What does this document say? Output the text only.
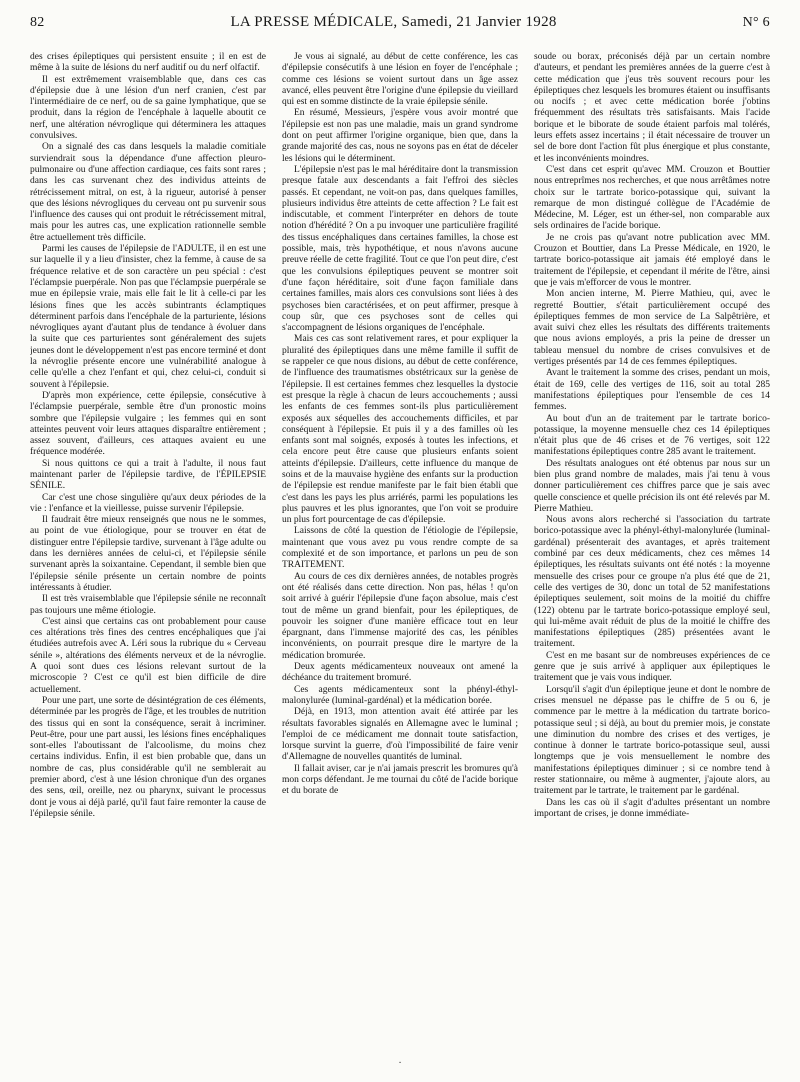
82	LA PRESSE MÉDICALE, Samedi, 21 Janvier 1928	N° 6

des crises épileptiques qui persistent ensuite ; il en est de même à la suite de lésions du nerf auditif ou du nerf olfactif.

Il est extrêmement vraisemblable que, dans ces cas d'épilepsie due à une lésion d'un nerf cranien, c'est par l'intermédiaire de ce nerf, ou de sa gaine lymphatique, que se produit, dans la région de l'encéphale à laquelle aboutit ce nerf, une altération névroglique qui déterminera les attaques convulsives.

On a signalé des cas dans lesquels la maladie comitiale surviendrait sous la dépendance d'une affection pleuro-pulmonaire ou d'une affection cardiaque, ces faits sont rares ; dans les cas survenant chez des individus atteints de rétrécissement mitral, on est, à la rigueur, autorisé à penser que des lésions névrogliques du cerveau ont pu survenir sous l'influence des causes qui ont produit le rétrécissement mitral, mais pour les autres cas, une explication rationnelle semble être actuellement très difficile.

Parmi les causes de l'épilepsie de l'ADULTE, il en est une sur laquelle il y a lieu d'insister, chez la femme, à cause de sa fréquence relative et de son caractère un peu spécial : c'est l'éclampsie puerpérale. Non pas que l'éclampsie puerpérale se mue en épilepsie vraie, mais elle fait le lit à celle-ci par les lésions fines que les accès subintrants éclamptiques déterminent parfois dans l'encéphale de la parturiente, lésions névrogliques ayant d'autant plus de tendance à évoluer dans la suite que ces parturientes sont généralement des sujets jeunes dont le développement n'est pas encore terminé et dont la névroglie présente encore une vulnérabilité analogue à celle qu'elle a chez l'enfant et qui, chez celui-ci, conduit si souvent à l'épilepsie.

D'après mon expérience, cette épilepsie, consécutive à l'éclampsie puerpérale, semble être d'un pronostic moins sombre que l'épilepsie vulgaire ; les femmes qui en sont atteintes peuvent voir leurs attaques disparaître entièrement ; assez souvent, d'ailleurs, ces attaques avaient eu une fréquence modérée.

Si nous quittons ce qui a trait à l'adulte, il nous faut maintenant parler de l'épilepsie tardive, de l'ÉPILEPSIE SÉNILE.

Car c'est une chose singulière qu'aux deux périodes de la vie : l'enfance et la vieillesse, puisse survenir l'épilepsie.

Il faudrait être mieux renseignés que nous ne le sommes, au point de vue étiologique, pour se trouver en état de distinguer entre l'épilepsie tardive, survenant à l'âge adulte ou dans les dernières années de celui-ci, et l'épilepsie sénile survenant après la soixantaine. Cependant, il semble bien que l'épilepsie sénile présente un certain nombre de points intéressants à étudier.

Il est très vraisemblable que l'épilepsie sénile ne reconnaît pas toujours une même étiologie.

C'est ainsi que certains cas ont probablement pour cause ces altérations très fines des centres encéphaliques que j'ai étudiées autrefois avec A. Léri sous la rubrique du « Cerveau sénile », altérations des éléments nerveux et de la névroglie. A quoi sont dues ces lésions relevant surtout de la microscopie ? C'est ce qu'il est bien difficile de dire actuellement.

Pour une part, une sorte de désintégration de ces éléments, déterminée par les progrès de l'âge, et les troubles de nutrition des tissus qui en sont la conséquence, serait à incriminer. Peut-être, pour une part aussi, les lésions fines encéphaliques sont-elles l'aboutissant de l'alcoolisme, du moins chez certains individus. Enfin, il est bien probable que, dans un nombre de cas, plus considérable qu'il ne semblerait au premier abord, c'est à une lésion chronique d'un des organes des sens, œil, oreille, nez ou pharynx, suivant le processus dont je vous ai déjà parlé, qu'il faut faire remonter la cause de l'épilepsie sénile.

Je vous ai signalé, au début de cette conférence, les cas d'épilepsie consécutifs à une lésion en foyer de l'encéphale ; comme ces lésions se voient surtout dans un âge assez avancé, elles peuvent être l'origine d'une épilepsie du vieillard qui est en somme distincte de la vraie épilepsie sénile.

En résumé, Messieurs, j'espère vous avoir montré que l'épilepsie est non pas une maladie, mais un grand syndrome dont on peut affirmer l'origine organique, bien que, dans la grande majorité des cas, nous ne soyons pas en état de déceler les lésions qui le déterminent.

L'épilepsie n'est pas le mal héréditaire dont la transmission presque fatale aux descendants a fait l'effroi des siècles passés. Et cependant, ne voit-on pas, dans quelques familles, plusieurs individus être atteints de cette affection ? Le fait est indiscutable, et comment l'interpréter en dehors de toute notion d'hérédité ? On a pu invoquer une particulière fragilité des tissus encéphaliques dans certaines familles, la chose est possible, mais, très hypothétique, et nous n'avons aucune preuve réelle de cette fragilité. Tout ce que l'on peut dire, c'est que les convulsions épileptiques peuvent se montrer soit d'une façon héréditaire, soit d'une façon familiale dans certaines familles, mais alors ces convulsions sont liées à des psychoses bien caractérisées, et on peut affirmer, presque à coup sûr, que ces psychoses sont de celles qui s'accompagnent de lésions organiques de l'encéphale.

Mais ces cas sont relativement rares, et pour expliquer la pluralité des épileptiques dans une même famille il suffit de se rappeler ce que nous disions, au début de cette conférence, de l'influence des traumatismes obstétricaux sur la genèse de l'épilepsie. Il est certaines femmes chez lesquelles la dystocie est presque la règle à chacun de leurs accouchements ; aussi les enfants de ces femmes sont-ils plus particulièrement exposés aux séquelles des accouchements difficiles, et par conséquent à l'épilepsie. Et puis il y a des familles où les enfants sont mal soignés, exposés à toutes les infections, et cela encore peut être cause que plusieurs enfants soient atteints d'épilepsie. D'ailleurs, cette influence du manque de soins et de la mauvaise hygiène des enfants sur la production de l'épilepsie est rendue manifeste par le fait bien établi que c'est dans les pays les plus arriérés, parmi les populations les plus pauvres et les plus ignorantes, que l'on voit se produire un plus fort pourcentage de cas d'épilepsie.

Laissons de côté la question de l'étiologie de l'épilepsie, maintenant que vous avez pu vous rendre compte de sa complexité et de son importance, et parlons un peu de son TRAITEMENT.

Au cours de ces dix dernières années, de notables progrès ont été réalisés dans cette direction. Non pas, hélas ! qu'on soit arrivé à guérir l'épilepsie d'une façon absolue, mais c'est tout de même un grand bienfait, pour les épileptiques, de pouvoir les soigner d'une manière efficace tout en leur épargnant, dans l'immense majorité des cas, les pénibles inconvénients, on pourrait presque dire le martyre de la médication bromurée.

Deux agents médicamenteux nouveaux ont amené la déchéance du traitement bromuré.

Ces agents médicamenteux sont la phényl-éthyl-malonylurée (luminal-gardénal) et la médication borée.

Déjà, en 1913, mon attention avait été attirée par les résultats favorables signalés en Allemagne avec le luminal ; l'emploi de ce médicament me donnait toute satisfaction, lorsque survint la guerre, d'où l'impossibilité de faire venir d'Allemagne de nouvelles quantités de luminal.

Il fallait aviser, car je n'ai jamais prescrit les bromures qu'à mon corps défendant. Je me tournai du côté de l'acide borique et du borate de

soude ou borax, préconisés déjà par un certain nombre d'auteurs, et pendant les premières années de la guerre c'est à cette médication que j'eus très souvent recours pour les épileptiques chez lesquels les bromures étaient ou insuffisants ou nocifs ; et avec cette médication borée j'obtins fréquemment des résultats très satisfaisants. Mais l'acide borique et le biborate de soude étaient parfois mal tolérés, leurs effets assez incertains ; il était nécessaire de trouver un sel de bore dont l'action fût plus énergique et plus constante, et les inconvénients moindres.

C'est dans cet esprit qu'avec MM. Crouzon et Bouttier nous entreprîmes nos recherches, et que nous arrêtâmes notre choix sur le tartrate borico-potassique qui, suivant la remarque de mon distingué collègue de l'Académie de Médecine, M. Léger, est un éther-sel, non comparable aux sels ordinaires de l'acide borique.

Je ne crois pas qu'avant notre publication avec MM. Crouzon et Bouttier, dans La Presse Médicale, en 1920, le tartrate borico-potassique ait jamais été employé dans le traitement de l'épilepsie, et cependant il mérite de l'être, ainsi que je vais m'efforcer de vous le montrer.

Mon ancien interne, M. Pierre Mathieu, qui, avec le regretté Bouttier, s'était particulièrement occupé des épileptiques femmes de mon service de La Salpêtrière, et avait suivi chez elles les résultats des différents traitements que nous avions employés, a pris la peine de dresser un tableau mensuel du nombre de crises convulsives et de vertiges présentés par 14 de ces femmes épileptiques.

Avant le traitement la somme des crises, pendant un mois, était de 169, celle des vertiges de 116, soit au total 285 manifestations épileptiques pour l'ensemble de ces 14 femmes.

Au bout d'un an de traitement par le tartrate borico-potassique, la moyenne mensuelle chez ces 14 épileptiques n'était plus que de 46 crises et de 76 vertiges, soit 122 manifestations épileptiques contre 285 avant le traitement.

Des résultats analogues ont été obtenus par nous sur un bien plus grand nombre de malades, mais j'ai tenu à vous donner particulièrement ces chiffres parce que je sais avec quelle conscience et quelle précision ils ont été relevés par M. Pierre Mathieu.

Nous avons alors recherché si l'association du tartrate borico-potassique avec la phényl-éthyl-malonylurée (luminal-gardénal) présenterait des avantages, et après traitement combiné par ces deux médicaments, chez ces mêmes 14 épileptiques, les résultats suivants ont été notés : la moyenne mensuelle des crises pour ce groupe n'a plus été que de 21, celle des vertiges de 30, donc un total de 52 manifestations épileptiques seulement, soit moins de la moitié du chiffre (122) obtenu par le tartrate borico-potassique employé seul, qui lui-même avait réduit de plus de la moitié le chiffre des manifestations épileptiques (285) présentées avant le traitement.

C'est en me basant sur de nombreuses expériences de ce genre que je suis arrivé à appliquer aux épileptiques le traitement que je vais vous indiquer.

Lorsqu'il s'agit d'un épileptique jeune et dont le nombre de crises mensuel ne dépasse pas le chiffre de 5 ou 6, je commence par le mettre à la médication du tartrate borico-potassique seul ; si déjà, au bout du premier mois, je constate une diminution du nombre des crises et des vertiges, je continue à donner le tartrate borico-potassique seul, aussi longtemps que je vois mensuellement le nombre des manifestations épileptiques diminuer ; si ce nombre tend à rester stationnaire, ou même à augmenter, j'ajoute alors, au traitement par le tartrate, le traitement par le gardénal.

Dans les cas où il s'agit d'adultes présentant un nombre important de crises, je donne immédiate-

·
